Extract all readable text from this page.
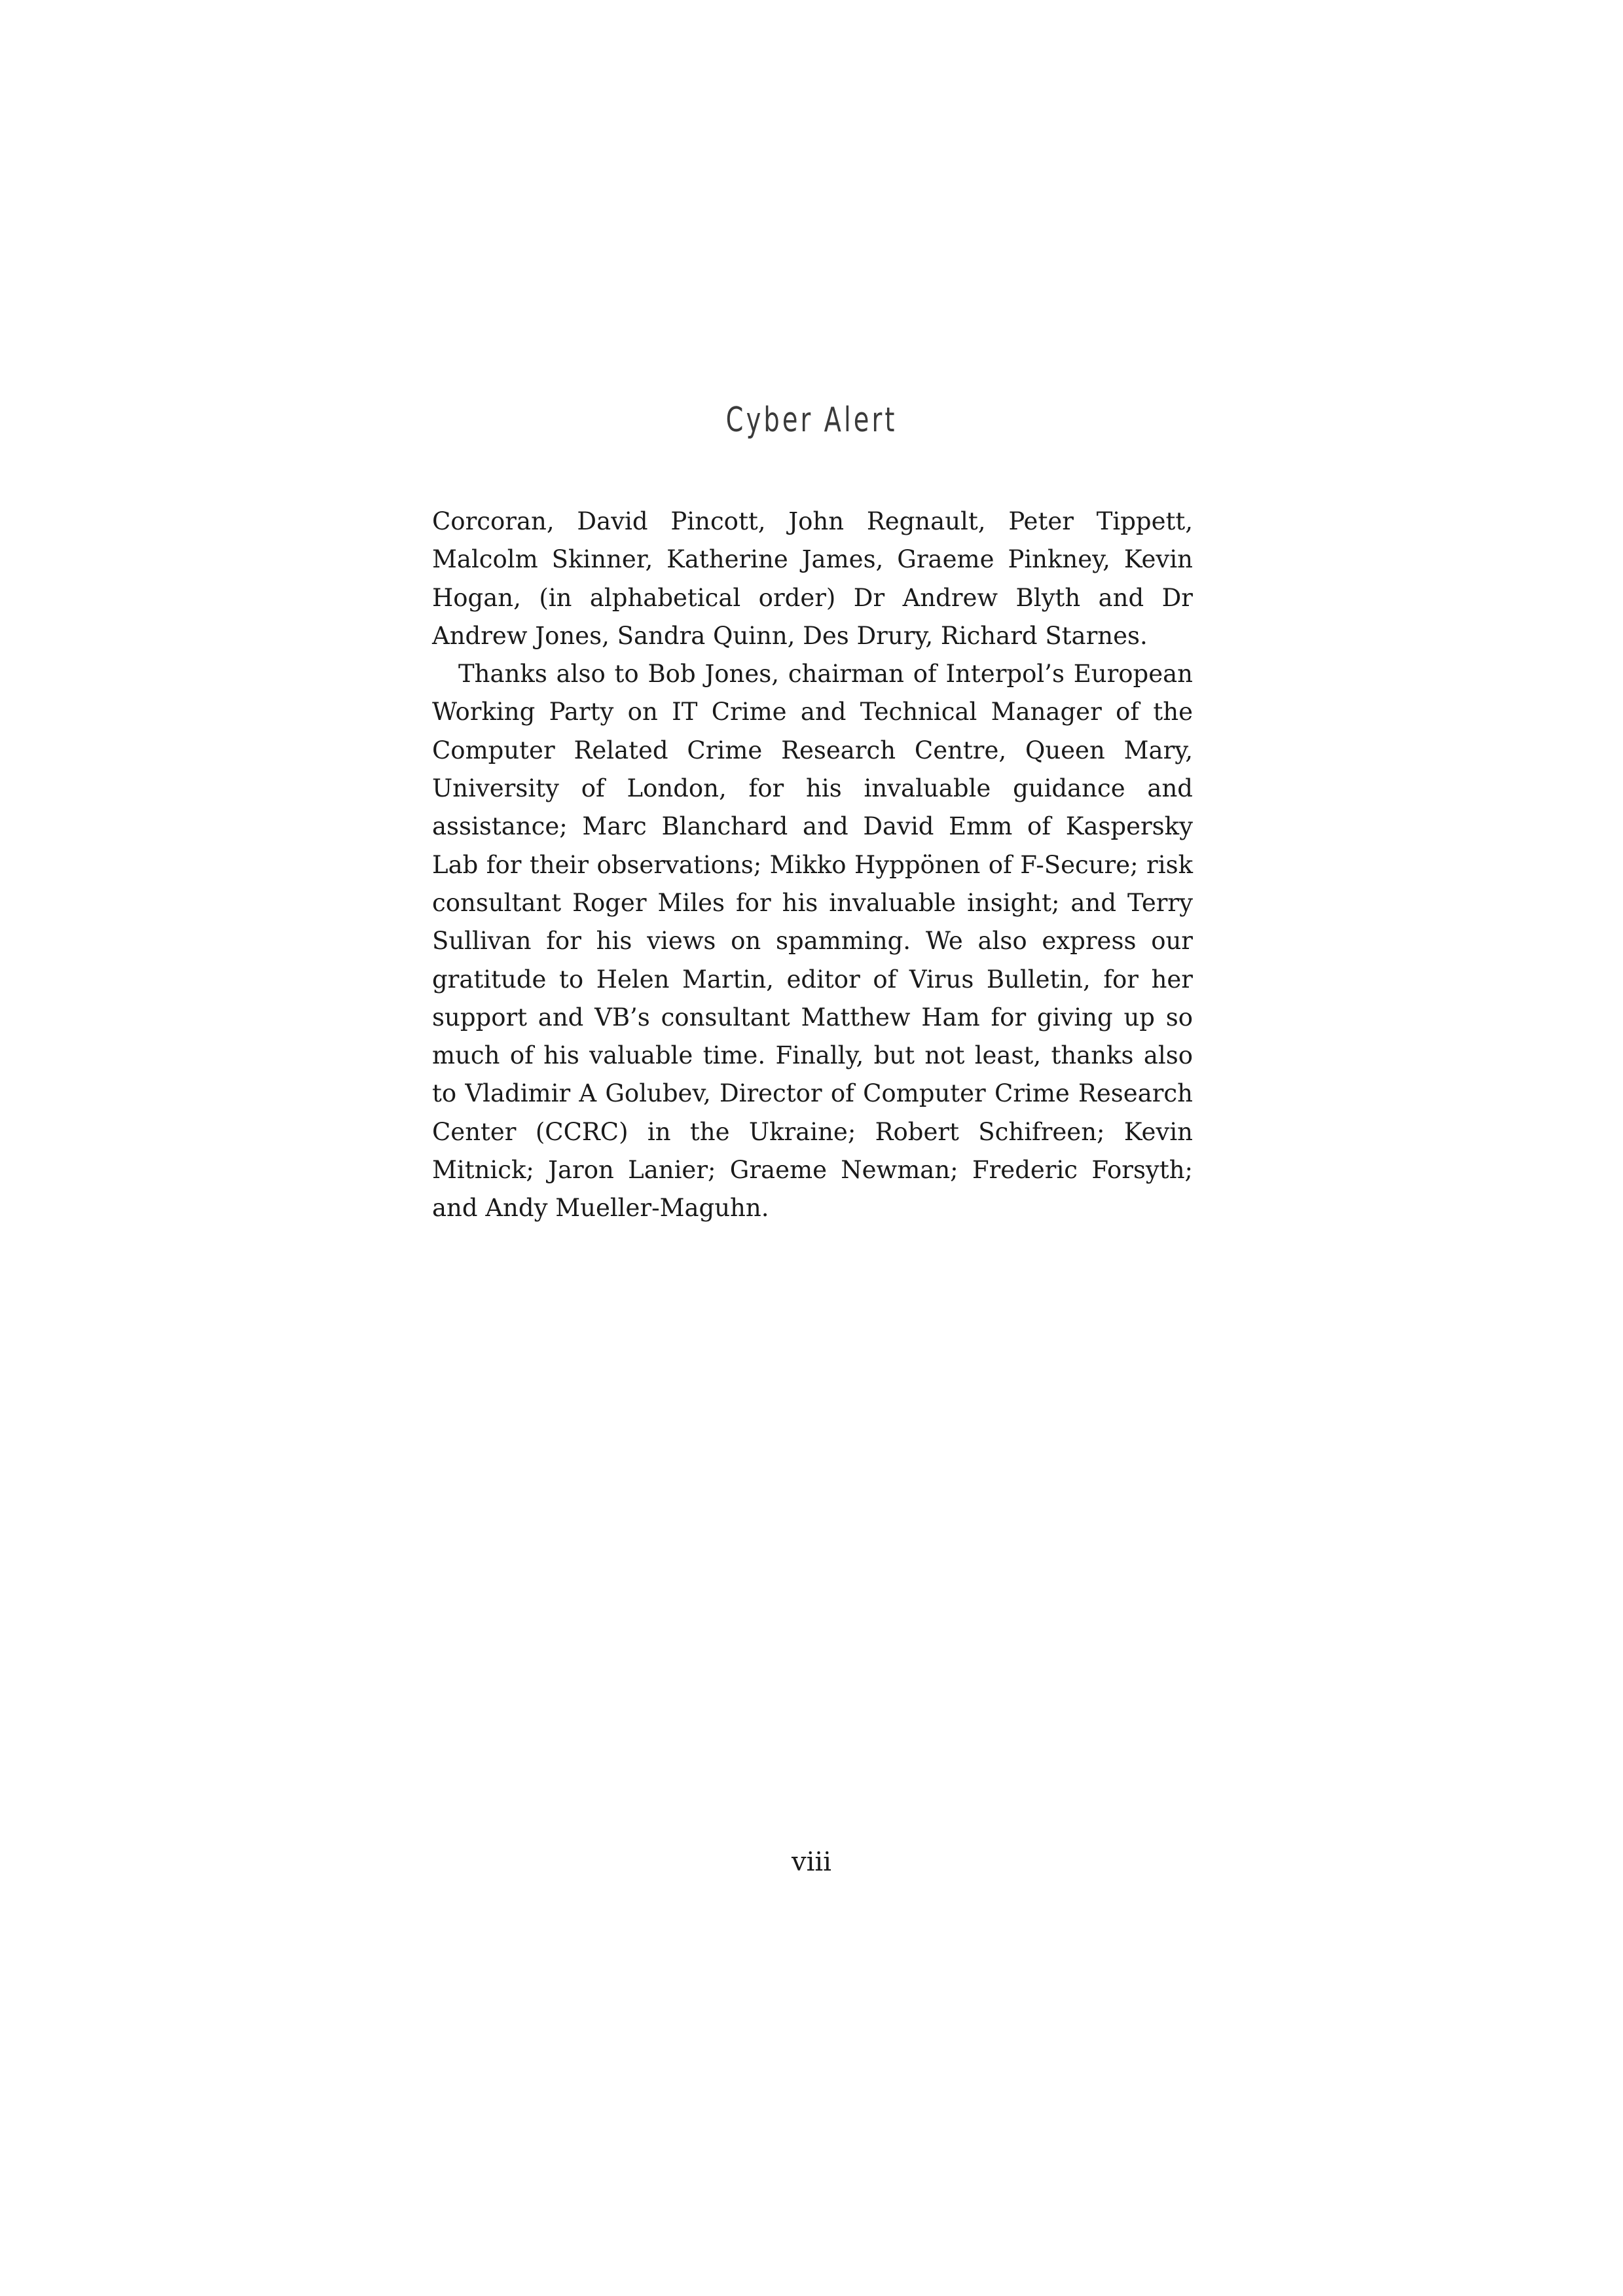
Cyber Alert

Corcoran, David Pincott, John Regnault, Peter Tippett, Malcolm Skinner, Katherine James, Graeme Pinkney, Kevin Hogan, (in alphabetical order) Dr Andrew Blyth and Dr Andrew Jones, Sandra Quinn, Des Drury, Richard Starnes.

Thanks also to Bob Jones, chairman of Interpol’s European Working Party on IT Crime and Technical Manager of the Computer Related Crime Research Centre, Queen Mary, University of London, for his invaluable guidance and assistance; Marc Blanchard and David Emm of Kaspersky Lab for their observations; Mikko Hyppönen of F-Secure; risk consultant Roger Miles for his invaluable insight; and Terry Sullivan for his views on spamming. We also express our gratitude to Helen Martin, editor of Virus Bulletin, for her support and VB’s consultant Matthew Ham for giving up so much of his valuable time. Finally, but not least, thanks also to Vladimir A Golubev, Director of Computer Crime Research Center (CCRC) in the Ukraine; Robert Schifreen; Kevin Mitnick; Jaron Lanier; Graeme Newman; Frederic Forsyth; and Andy Mueller-Maguhn.

viii
